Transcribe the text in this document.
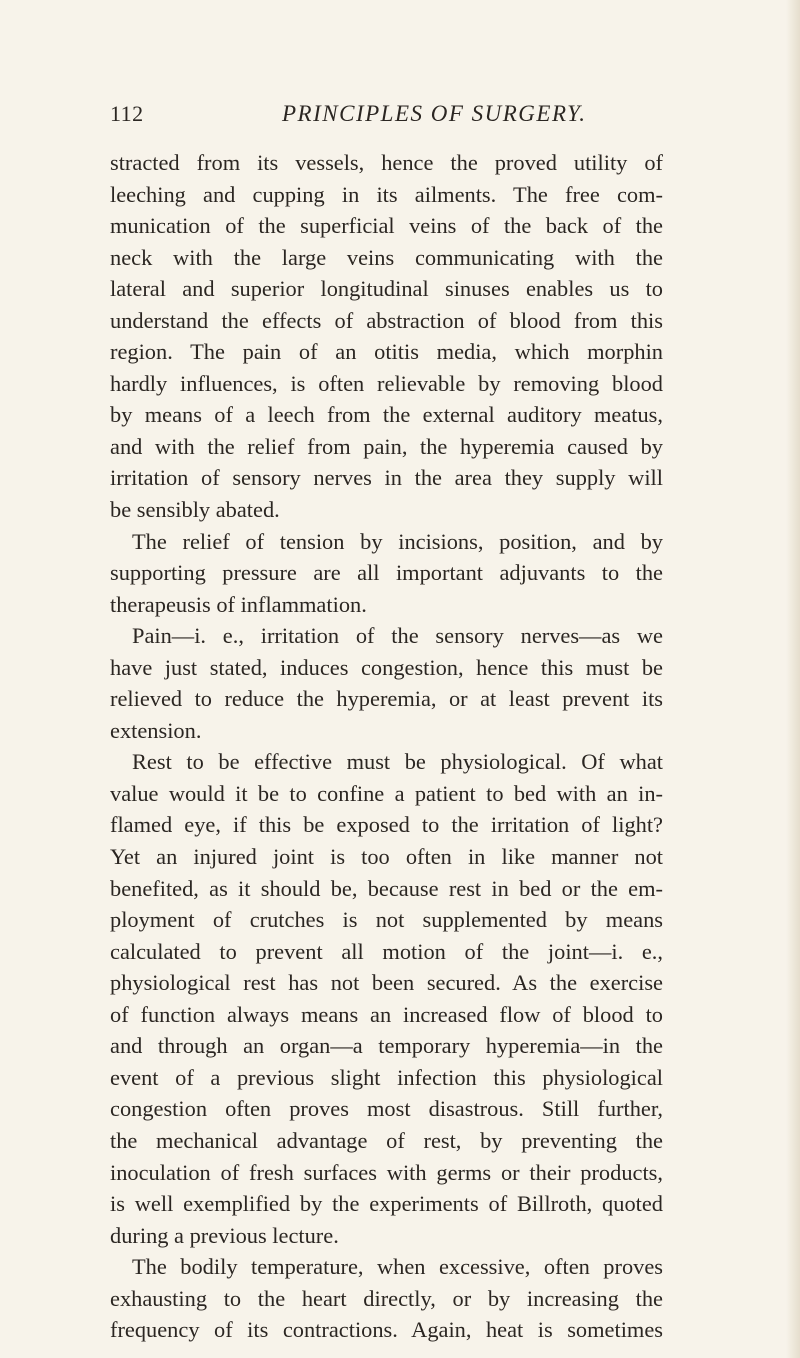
112	PRINCIPLES OF SURGERY.
stracted from its vessels, hence the proved utility of
leeching and cupping in its ailments. The free com-
munication of the superficial veins of the back of the
neck with the large veins communicating with the
lateral and superior longitudinal sinuses enables us to
understand the effects of abstraction of blood from this
region. The pain of an otitis media, which morphin
hardly influences, is often relievable by removing blood
by means of a leech from the external auditory meatus,
and with the relief from pain, the hyperemia caused by
irritation of sensory nerves in the area they supply will
be sensibly abated.
The relief of tension by incisions, position, and by
supporting pressure are all important adjuvants to the
therapeusis of inflammation.
Pain—i. e., irritation of the sensory nerves—as we
have just stated, induces congestion, hence this must be
relieved to reduce the hyperemia, or at least prevent its
extension.
Rest to be effective must be physiological. Of what
value would it be to confine a patient to bed with an in-
flamed eye, if this be exposed to the irritation of light?
Yet an injured joint is too often in like manner not
benefited, as it should be, because rest in bed or the em-
ployment of crutches is not supplemented by means
calculated to prevent all motion of the joint—i. e.,
physiological rest has not been secured. As the exercise
of function always means an increased flow of blood to
and through an organ—a temporary hyperemia—in the
event of a previous slight infection this physiological
congestion often proves most disastrous. Still further,
the mechanical advantage of rest, by preventing the
inoculation of fresh surfaces with germs or their products,
is well exemplified by the experiments of Billroth, quoted
during a previous lecture.
The bodily temperature, when excessive, often proves
exhausting to the heart directly, or by increasing the
frequency of its contractions. Again, heat is sometimes
